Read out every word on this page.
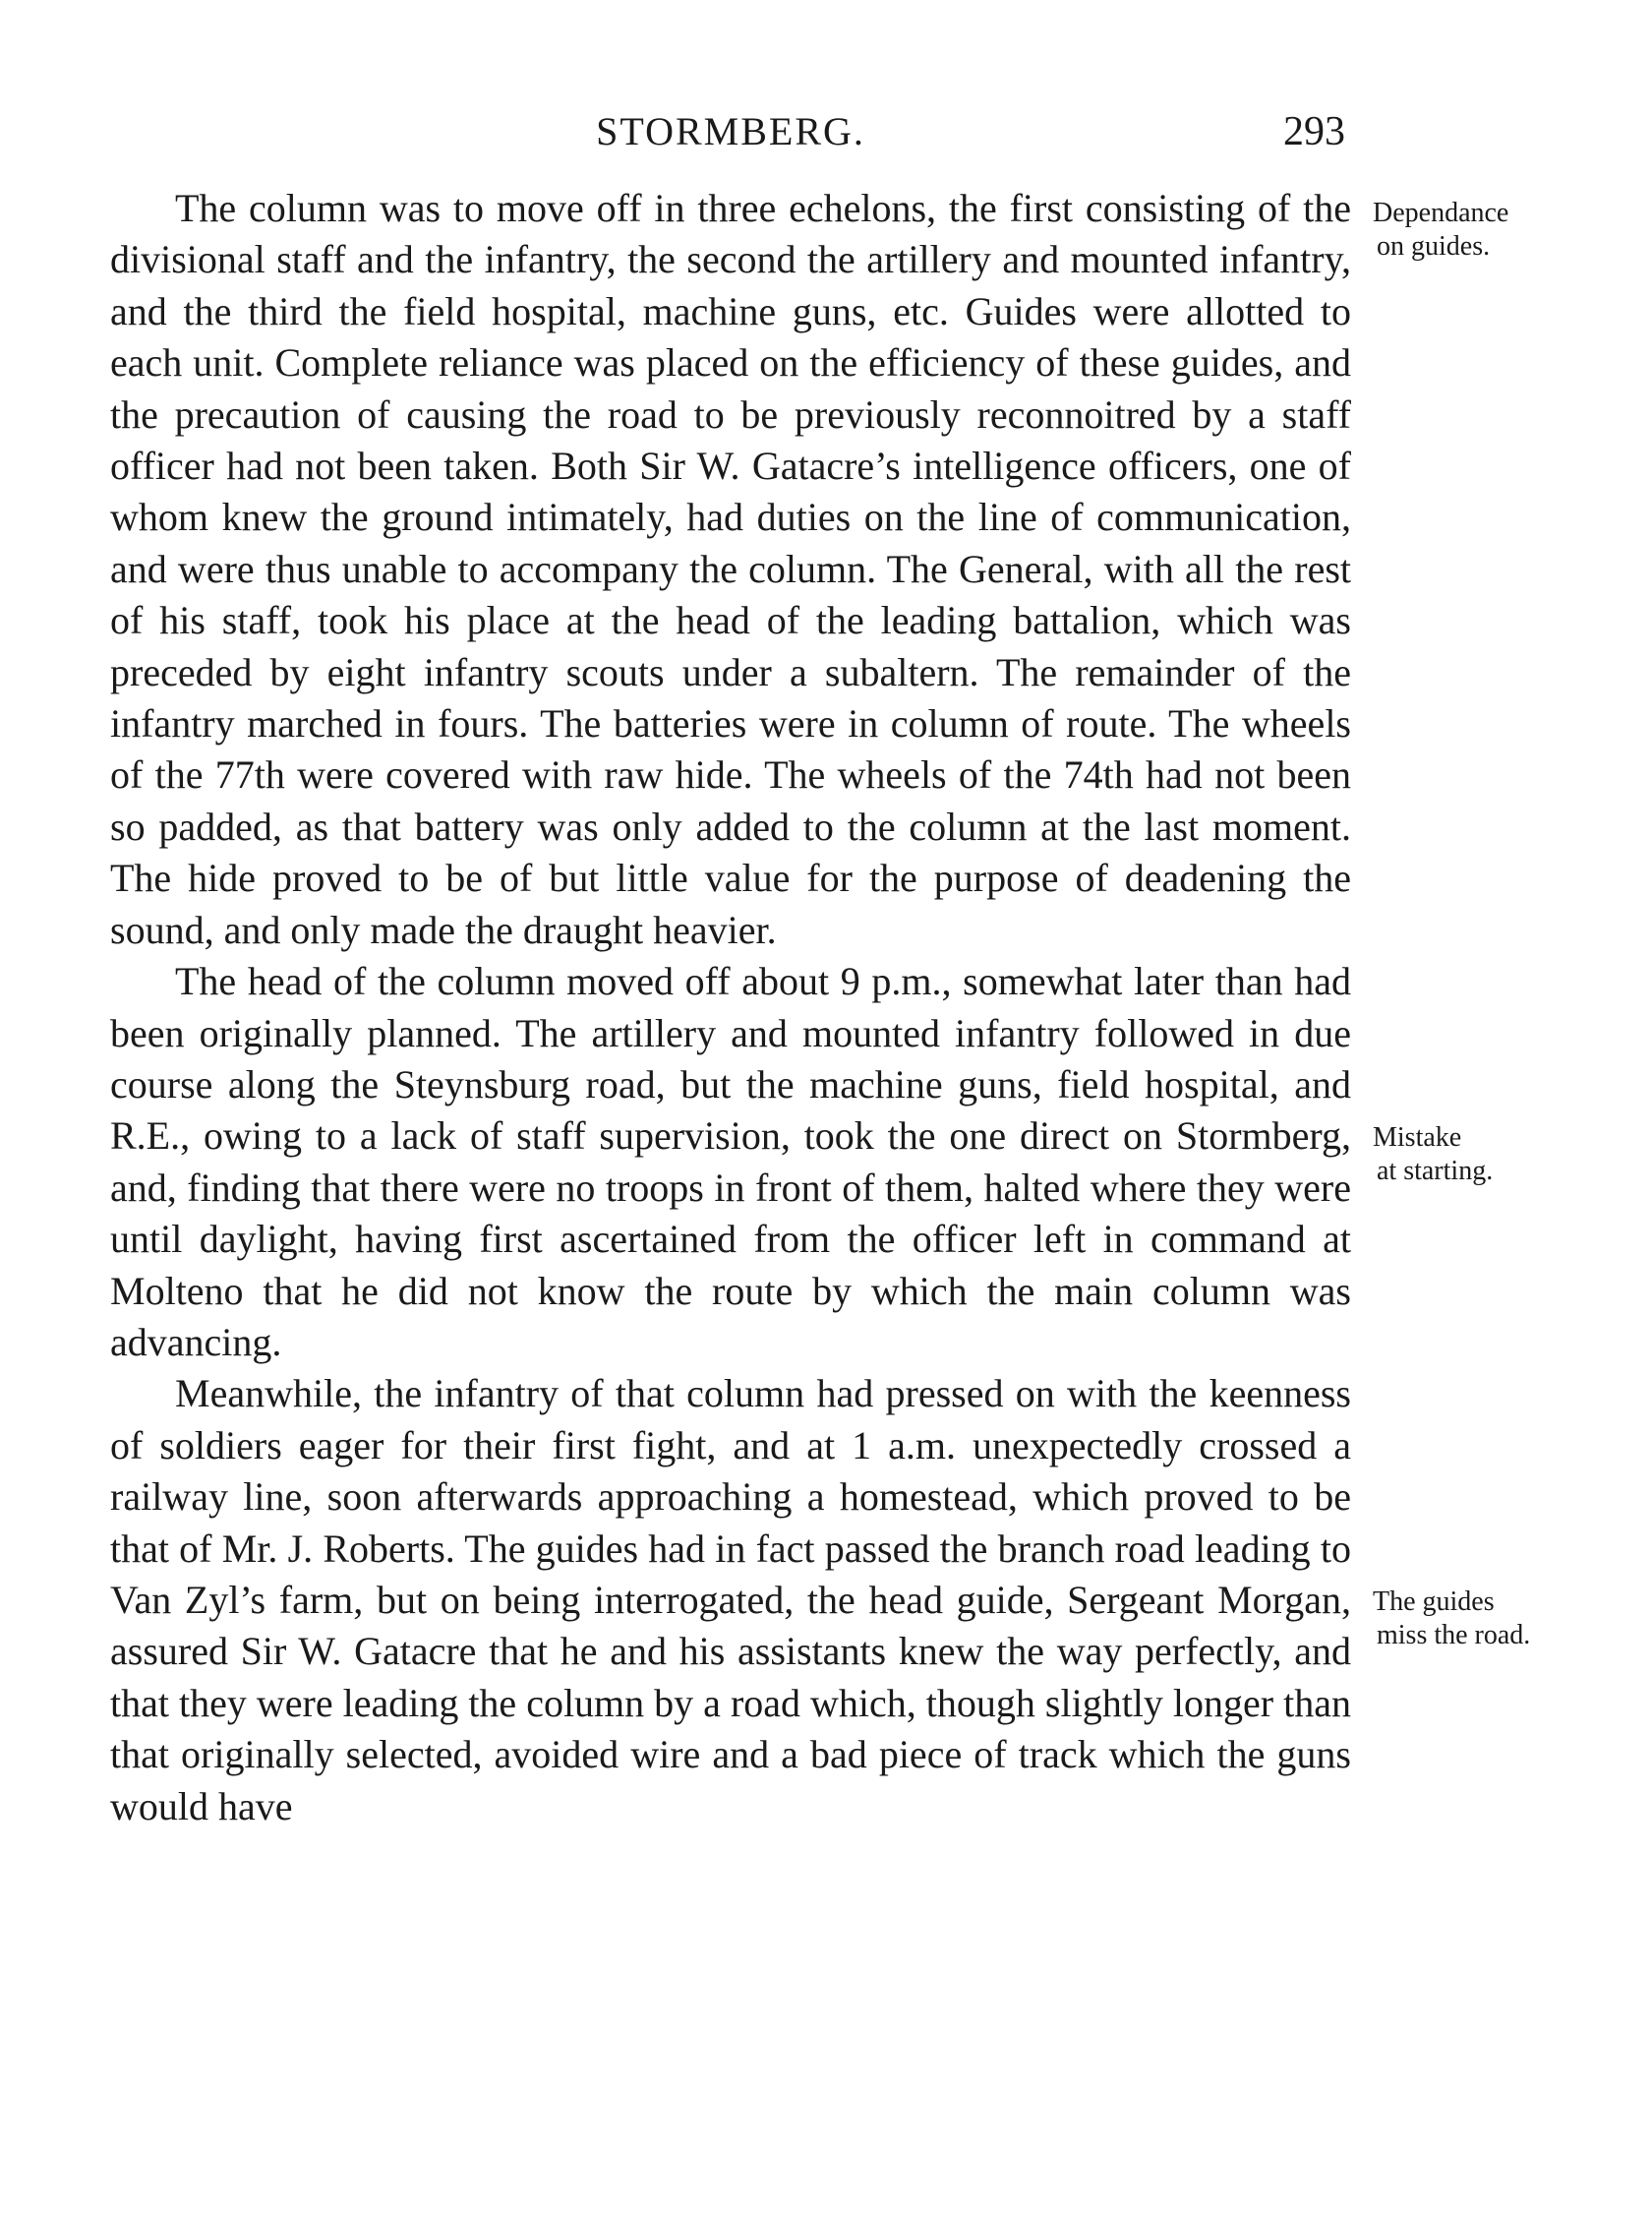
STORMBERG.	293

The column was to move off in three echelons, the first consisting of the divisional staff and the infantry, the second the artillery and mounted infantry, and the third the field hospital, machine guns, etc. Guides were allotted to each unit. Complete reliance was placed on the efficiency of these guides, and the precaution of causing the road to be previously reconnoitred by a staff officer had not been taken. Both Sir W. Gatacre’s intelligence officers, one of whom knew the ground intimately, had duties on the line of communication, and were thus unable to accompany the column. The General, with all the rest of his staff, took his place at the head of the leading battalion, which was preceded by eight infantry scouts under a subaltern. The remainder of the infantry marched in fours. The batteries were in column of route. The wheels of the 77th were covered with raw hide. The wheels of the 74th had not been so padded, as that battery was only added to the column at the last moment. The hide proved to be of but little value for the purpose of deadening the sound, and only made the draught heavier.

The head of the column moved off about 9 p.m., somewhat later than had been originally planned. The artillery and mounted infantry followed in due course along the Steynsburg road, but the machine guns, field hospital, and R.E., owing to a lack of staff supervision, took the one direct on Stormberg, and, finding that there were no troops in front of them, halted where they were until daylight, having first ascertained from the officer left in command at Molteno that he did not know the route by which the main column was advancing.

Meanwhile, the infantry of that column had pressed on with the keenness of soldiers eager for their first fight, and at 1 a.m. unexpectedly crossed a railway line, soon afterwards approaching a homestead, which proved to be that of Mr. J. Roberts. The guides had in fact passed the branch road leading to Van Zyl’s farm, but on being interrogated, the head guide, Sergeant Morgan, assured Sir W. Gatacre that he and his assistants knew the way perfectly, and that they were leading the column by a road which, though slightly longer than that originally selected, avoided wire and a bad piece of track which the guns would have

Dependance
on guides.
Mistake
at starting.
The guides
miss the road.
